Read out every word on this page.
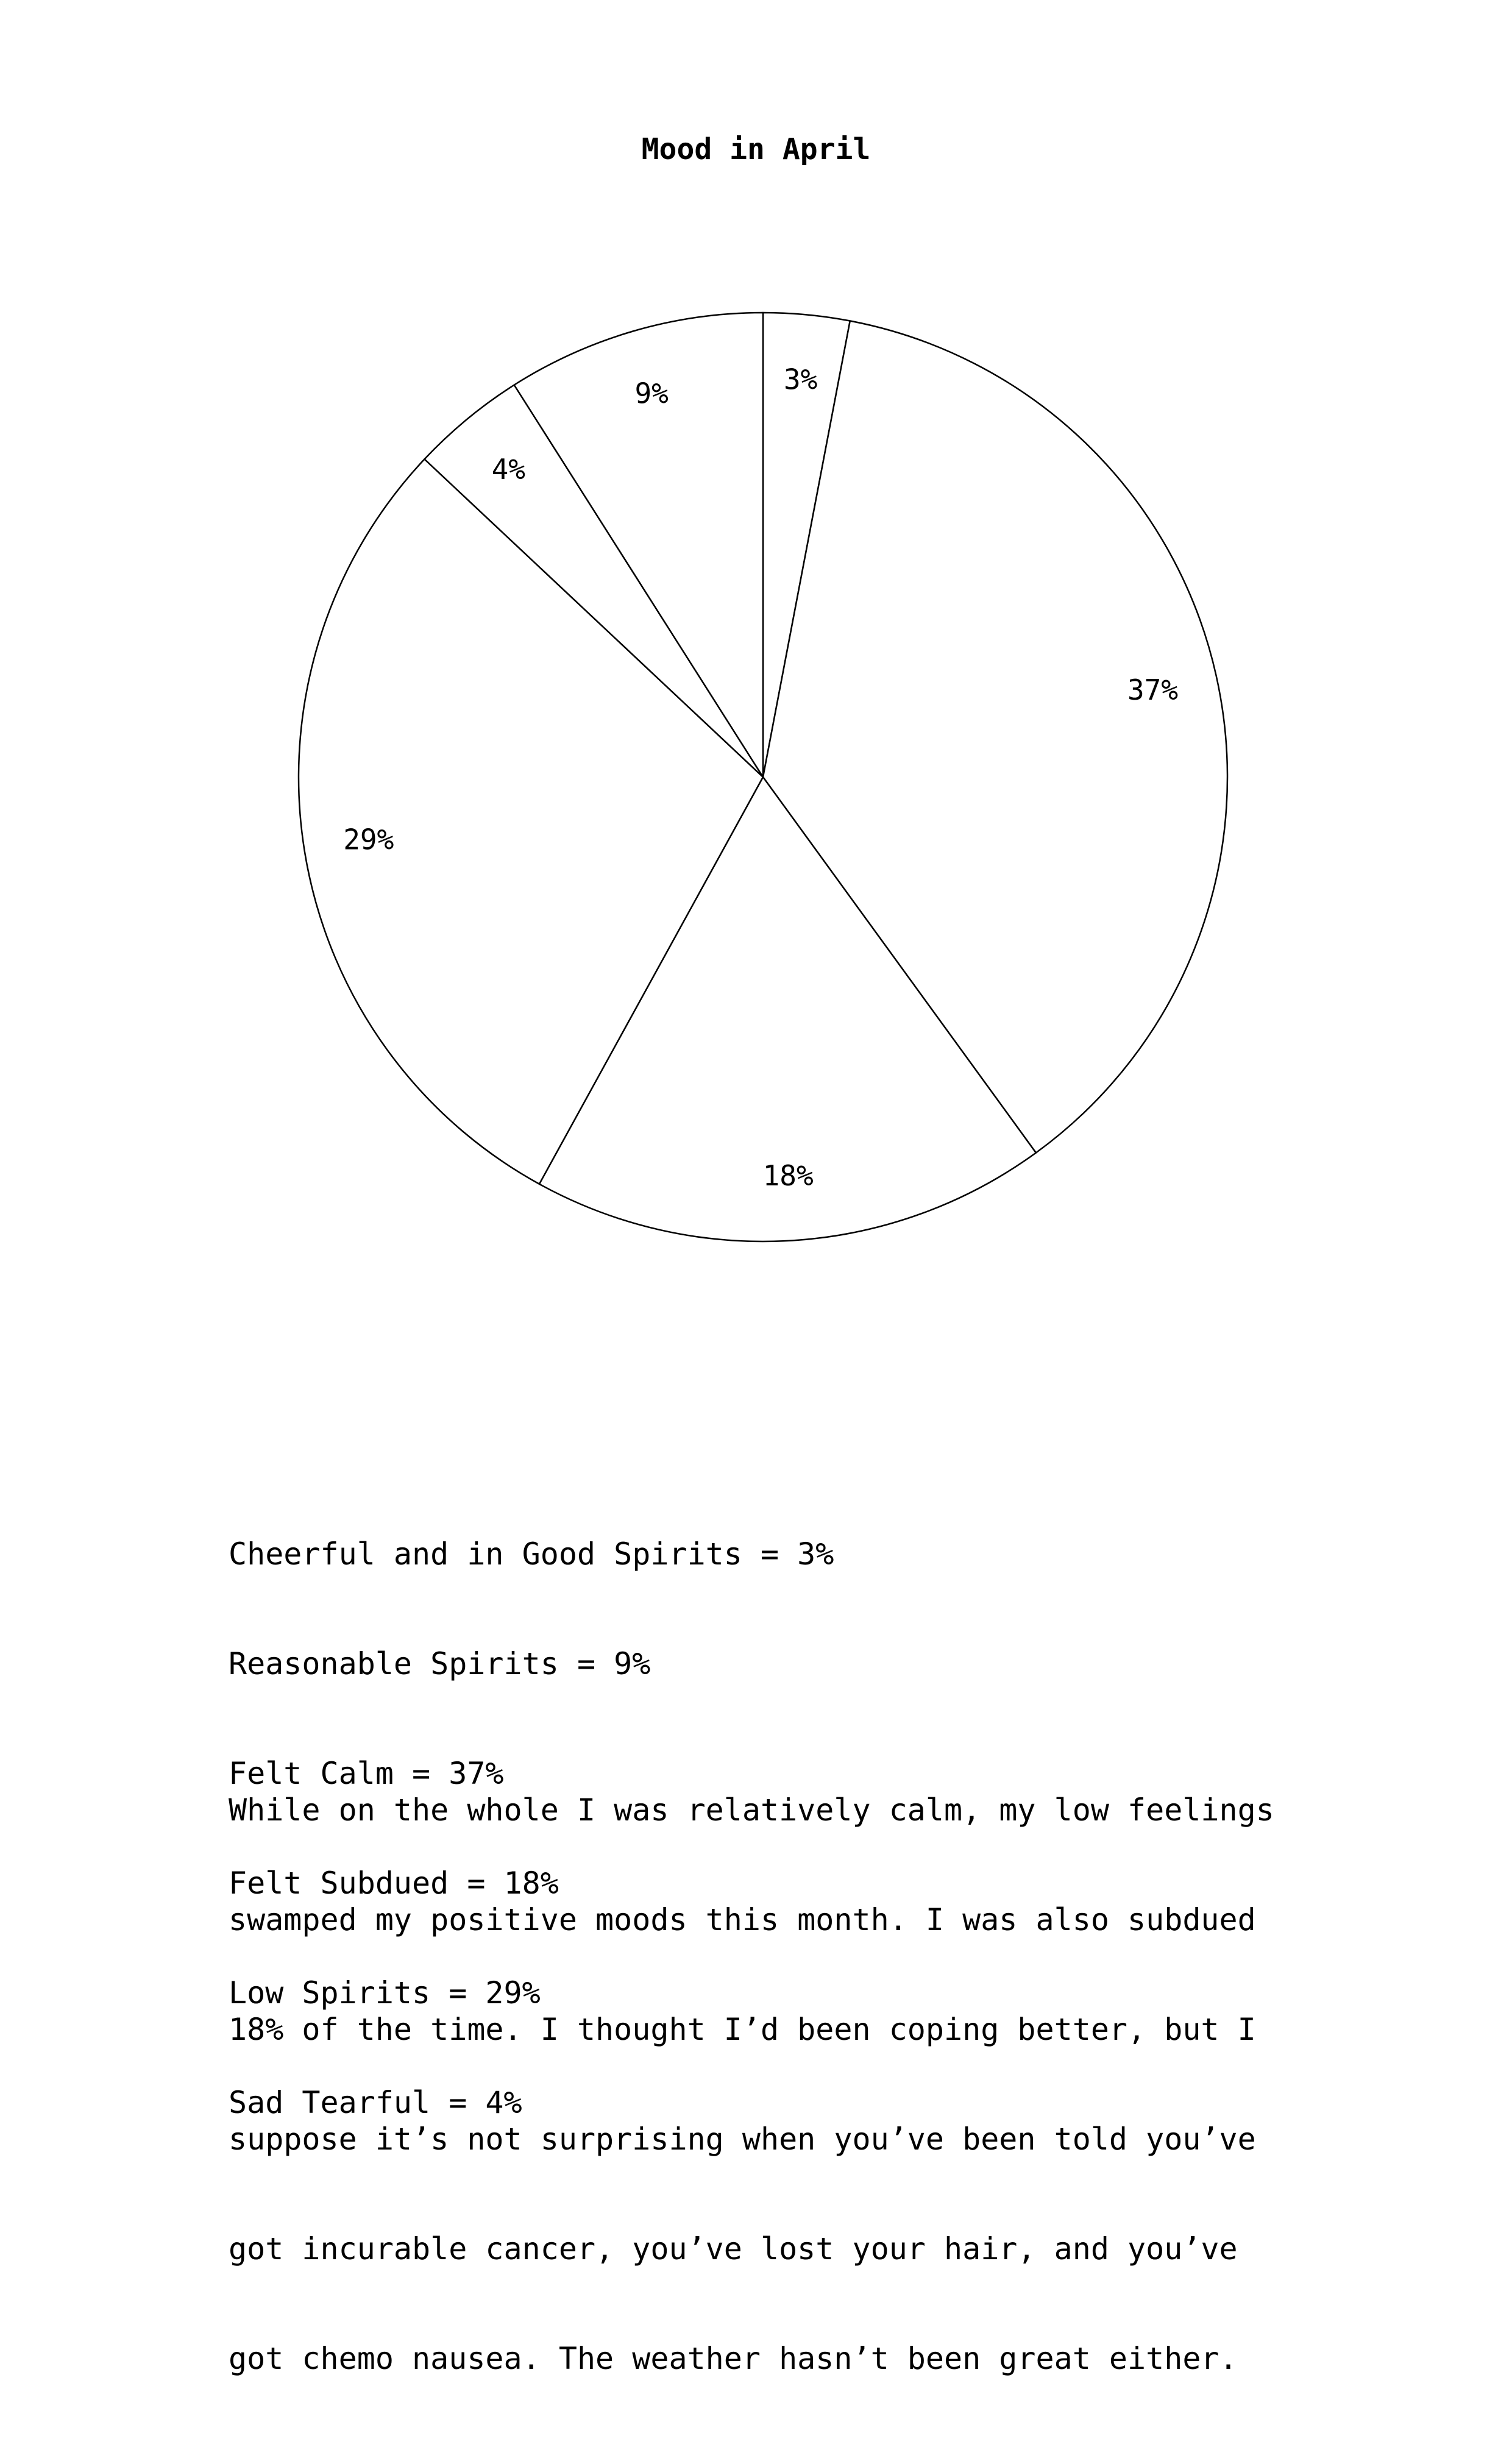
Mood in April
3%
37%
18%
29%
4%
9%

Cheerful and in Good Spirits = 3%

Reasonable Spirits = 9%

Felt Calm = 37%

Felt Subdued = 18%

Low Spirits = 29%

Sad Tearful = 4%

While on the whole I was relatively calm, my low feelings

swamped my positive moods this month. I was also subdued

18% of the time. I thought I’d been coping better, but I

suppose it’s not surprising when you’ve been told you’ve

got incurable cancer, you’ve lost your hair, and you’ve

got chemo nausea. The weather hasn’t been great either.
